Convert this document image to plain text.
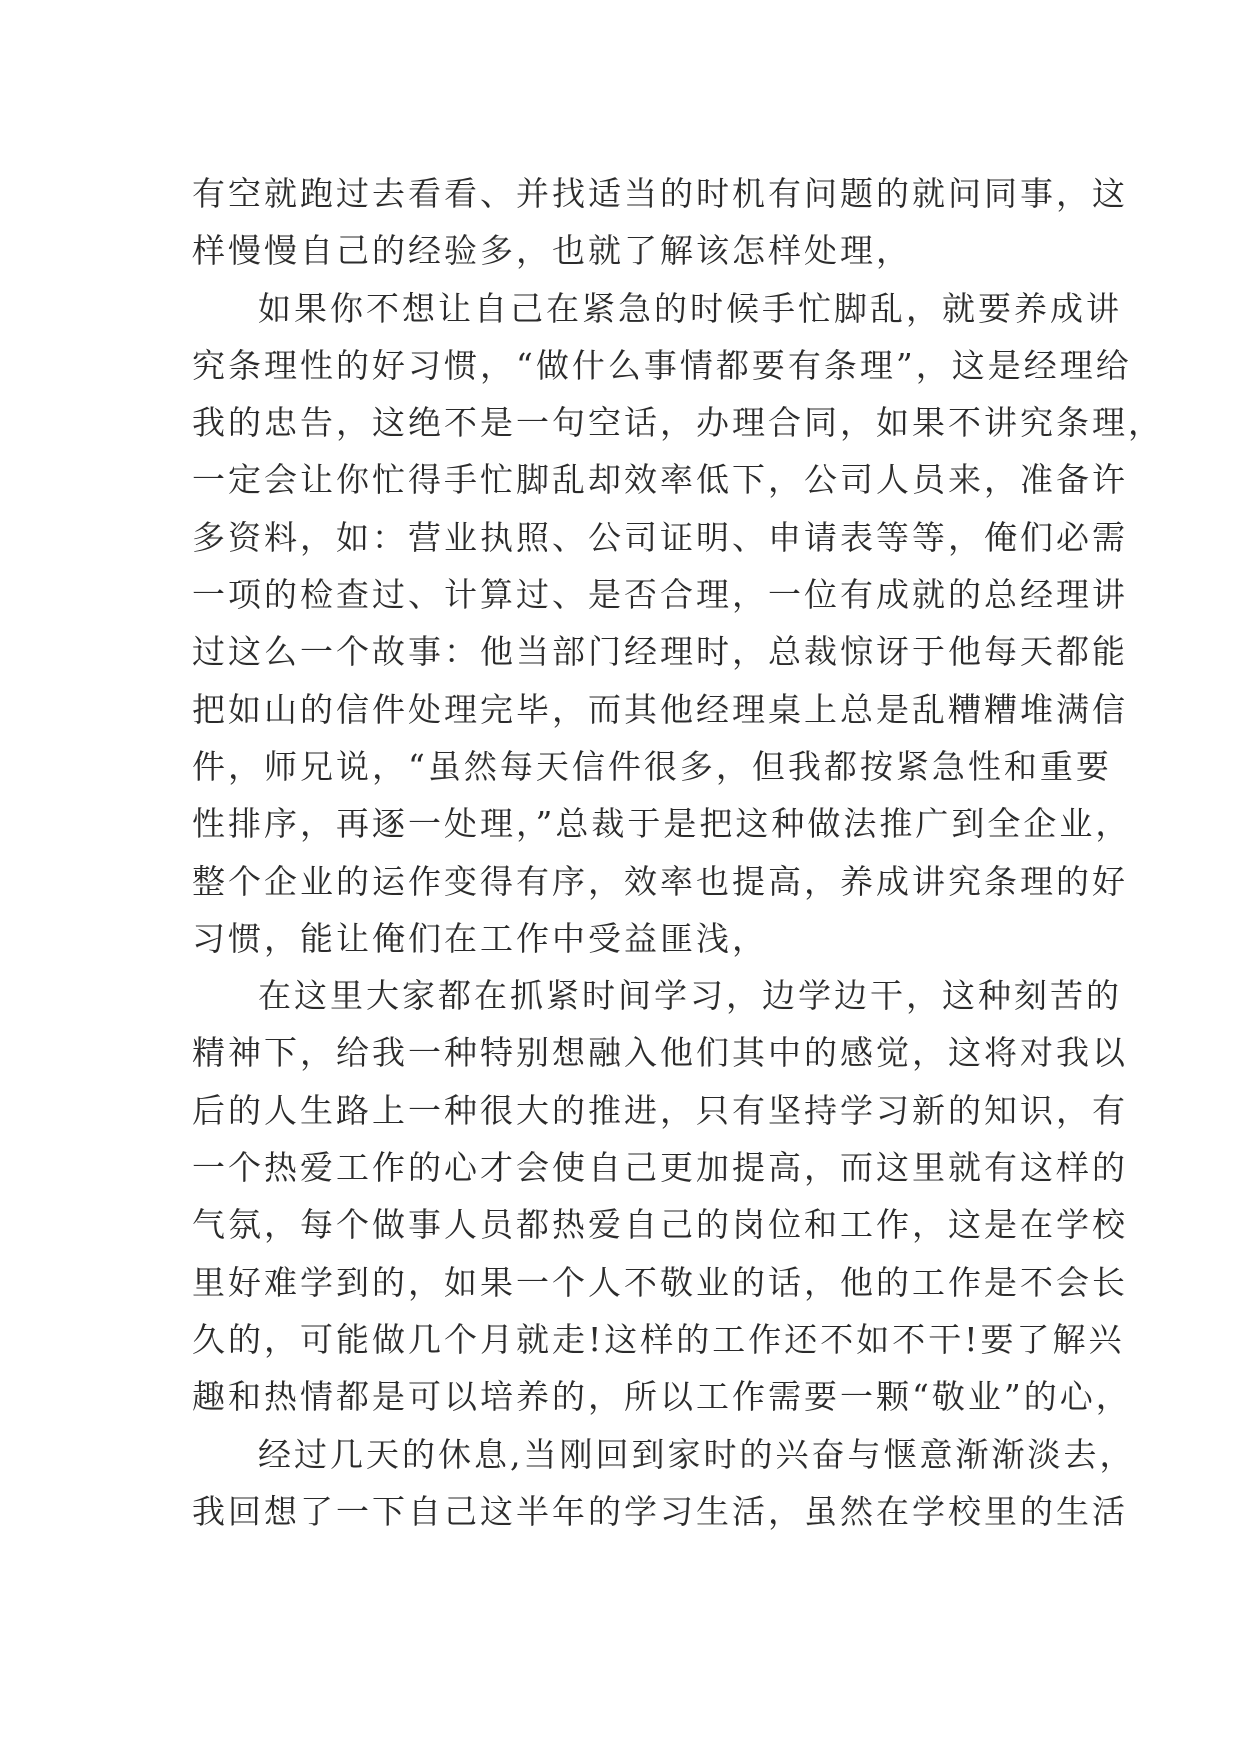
有空就跑过去看看、并找适当的时机有问题的就问同事，这
样慢慢自己的经验多，也就了解该怎样处理，
如果你不想让自己在紧急的时候手忙脚乱，就要养成讲
究条理性的好习惯，“做什么事情都要有条理”，这是经理给
我的忠告，这绝不是一句空话，办理合同，如果不讲究条理，
一定会让你忙得手忙脚乱却效率低下，公司人员来，准备许
多资料，如：营业执照、公司证明、申请表等等，俺们必需
一项的检查过、计算过、是否合理，一位有成就的总经理讲
过这么一个故事：他当部门经理时，总裁惊讶于他每天都能
把如山的信件处理完毕，而其他经理桌上总是乱糟糟堆满信
件，师兄说，“虽然每天信件很多，但我都按紧急性和重要
性排序，再逐一处理，”总裁于是把这种做法推广到全企业，
整个企业的运作变得有序，效率也提高，养成讲究条理的好
习惯，能让俺们在工作中受益匪浅，
在这里大家都在抓紧时间学习，边学边干，这种刻苦的
精神下，给我一种特别想融入他们其中的感觉，这将对我以
后的人生路上一种很大的推进，只有坚持学习新的知识，有
一个热爱工作的心才会使自己更加提高，而这里就有这样的
气氛，每个做事人员都热爱自己的岗位和工作，这是在学校
里好难学到的，如果一个人不敬业的话，他的工作是不会长
久的，可能做几个月就走!这样的工作还不如不干!要了解兴
趣和热情都是可以培养的，所以工作需要一颗“敬业”的心，
经过几天的休息,当刚回到家时的兴奋与惬意渐渐淡去，
我回想了一下自己这半年的学习生活，虽然在学校里的生活
